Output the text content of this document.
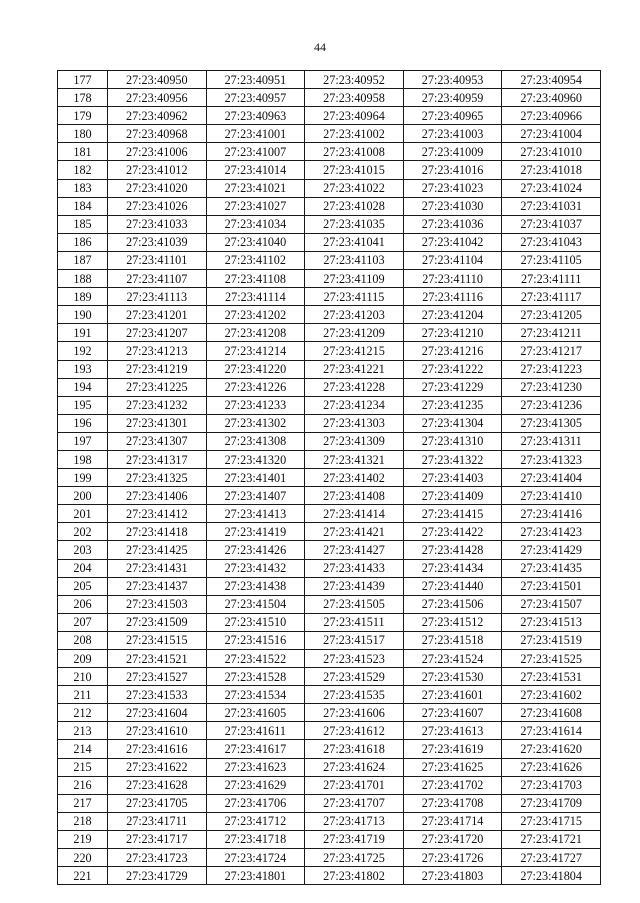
44
177	27:23:40950	27:23:40951	27:23:40952	27:23:40953	27:23:40954
178	27:23:40956	27:23:40957	27:23:40958	27:23:40959	27:23:40960
179	27:23:40962	27:23:40963	27:23:40964	27:23:40965	27:23:40966
180	27:23:40968	27:23:41001	27:23:41002	27:23:41003	27:23:41004
181	27:23:41006	27:23:41007	27:23:41008	27:23:41009	27:23:41010
182	27:23:41012	27:23:41014	27:23:41015	27:23:41016	27:23:41018
183	27:23:41020	27:23:41021	27:23:41022	27:23:41023	27:23:41024
184	27:23:41026	27:23:41027	27:23:41028	27:23:41030	27:23:41031
185	27:23:41033	27:23:41034	27:23:41035	27:23:41036	27:23:41037
186	27:23:41039	27:23:41040	27:23:41041	27:23:41042	27:23:41043
187	27:23:41101	27:23:41102	27:23:41103	27:23:41104	27:23:41105
188	27:23:41107	27:23:41108	27:23:41109	27:23:41110	27:23:41111
189	27:23:41113	27:23:41114	27:23:41115	27:23:41116	27:23:41117
190	27:23:41201	27:23:41202	27:23:41203	27:23:41204	27:23:41205
191	27:23:41207	27:23:41208	27:23:41209	27:23:41210	27:23:41211
192	27:23:41213	27:23:41214	27:23:41215	27:23:41216	27:23:41217
193	27:23:41219	27:23:41220	27:23:41221	27:23:41222	27:23:41223
194	27:23:41225	27:23:41226	27:23:41228	27:23:41229	27:23:41230
195	27:23:41232	27:23:41233	27:23:41234	27:23:41235	27:23:41236
196	27:23:41301	27:23:41302	27:23:41303	27:23:41304	27:23:41305
197	27:23:41307	27:23:41308	27:23:41309	27:23:41310	27:23:41311
198	27:23:41317	27:23:41320	27:23:41321	27:23:41322	27:23:41323
199	27:23:41325	27:23:41401	27:23:41402	27:23:41403	27:23:41404
200	27:23:41406	27:23:41407	27:23:41408	27:23:41409	27:23:41410
201	27:23:41412	27:23:41413	27:23:41414	27:23:41415	27:23:41416
202	27:23:41418	27:23:41419	27:23:41421	27:23:41422	27:23:41423
203	27:23:41425	27:23:41426	27:23:41427	27:23:41428	27:23:41429
204	27:23:41431	27:23:41432	27:23:41433	27:23:41434	27:23:41435
205	27:23:41437	27:23:41438	27:23:41439	27:23:41440	27:23:41501
206	27:23:41503	27:23:41504	27:23:41505	27:23:41506	27:23:41507
207	27:23:41509	27:23:41510	27:23:41511	27:23:41512	27:23:41513
208	27:23:41515	27:23:41516	27:23:41517	27:23:41518	27:23:41519
209	27:23:41521	27:23:41522	27:23:41523	27:23:41524	27:23:41525
210	27:23:41527	27:23:41528	27:23:41529	27:23:41530	27:23:41531
211	27:23:41533	27:23:41534	27:23:41535	27:23:41601	27:23:41602
212	27:23:41604	27:23:41605	27:23:41606	27:23:41607	27:23:41608
213	27:23:41610	27:23:41611	27:23:41612	27:23:41613	27:23:41614
214	27:23:41616	27:23:41617	27:23:41618	27:23:41619	27:23:41620
215	27:23:41622	27:23:41623	27:23:41624	27:23:41625	27:23:41626
216	27:23:41628	27:23:41629	27:23:41701	27:23:41702	27:23:41703
217	27:23:41705	27:23:41706	27:23:41707	27:23:41708	27:23:41709
218	27:23:41711	27:23:41712	27:23:41713	27:23:41714	27:23:41715
219	27:23:41717	27:23:41718	27:23:41719	27:23:41720	27:23:41721
220	27:23:41723	27:23:41724	27:23:41725	27:23:41726	27:23:41727
221	27:23:41729	27:23:41801	27:23:41802	27:23:41803	27:23:41804
